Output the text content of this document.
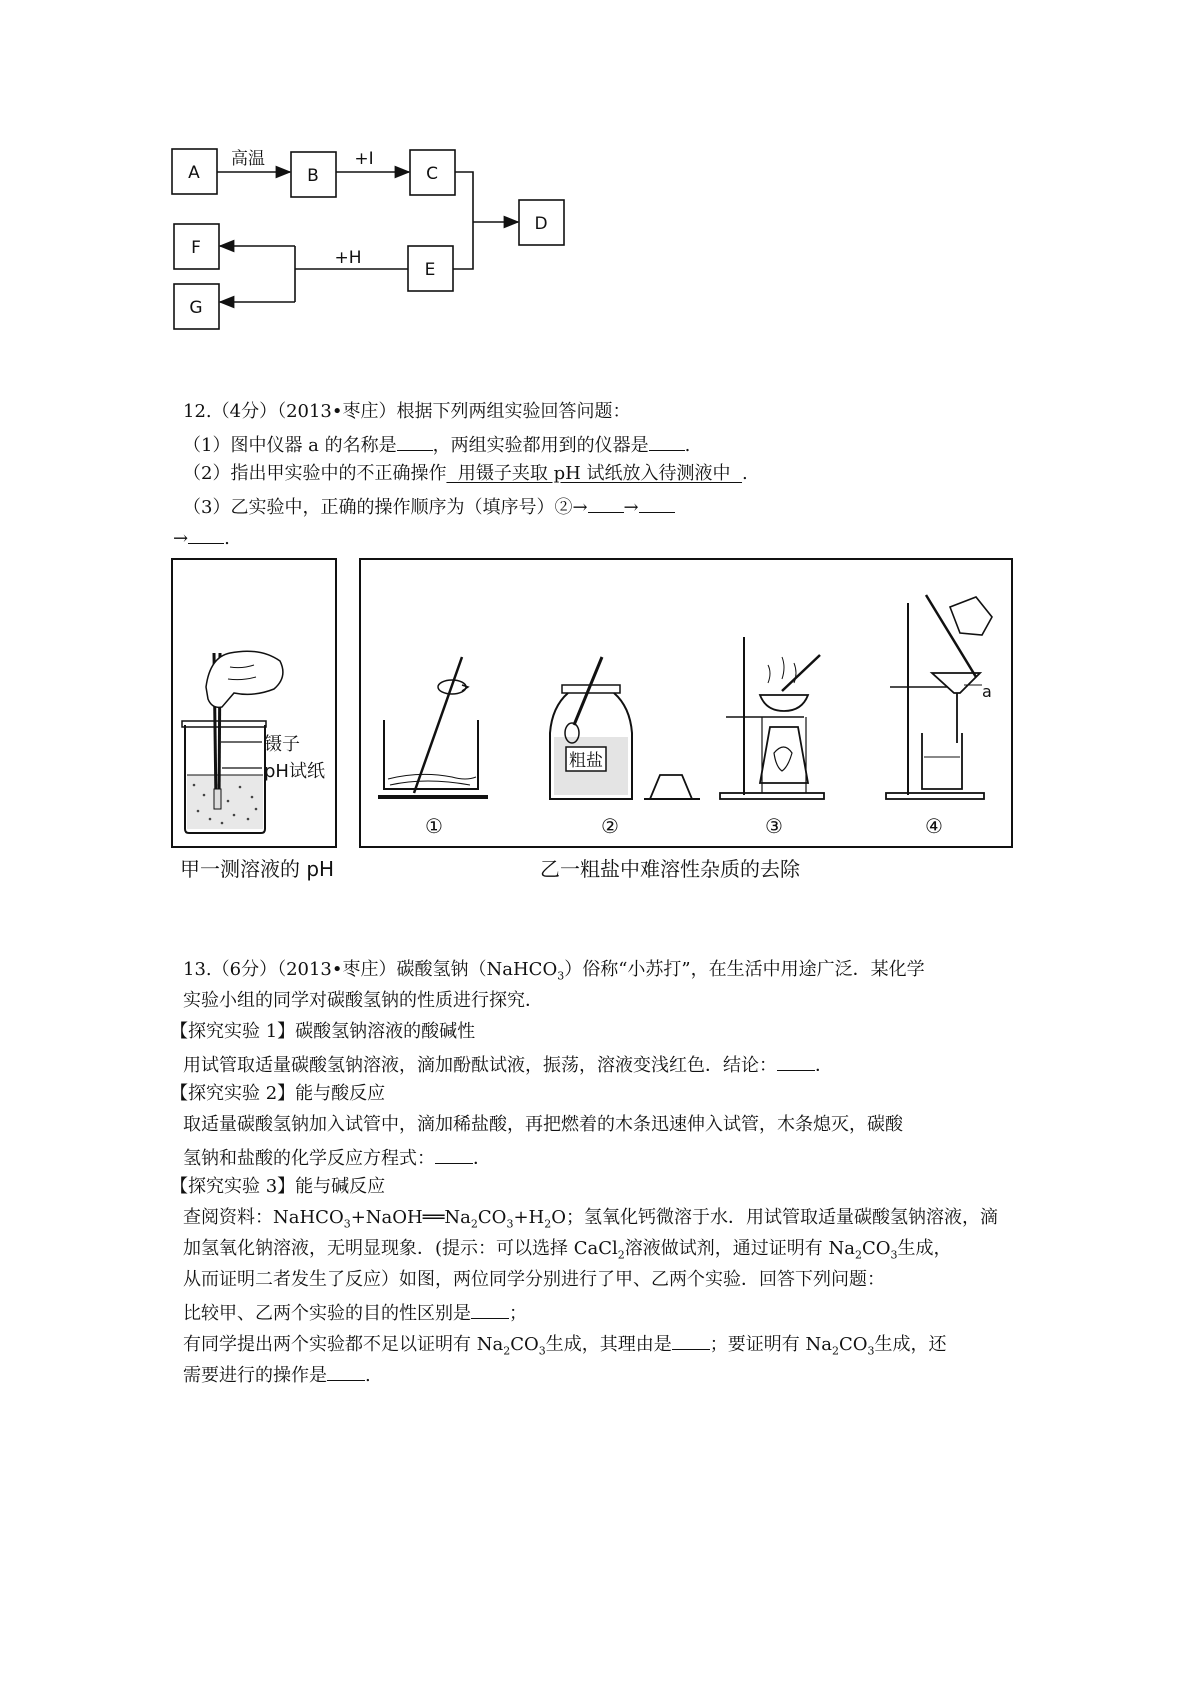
A	B	C
D
E
F
G
高温	+I
+H
12.（4分）（2013•枣庄）根据下列两组实验回答问题：
（1）图中仪器 a 的名称是 ，两组实验都用到的仪器是 .
（2）指出甲实验中的不正确操作  用镊子夹取 pH 试纸放入待测液中  .
（3）乙实验中，正确的操作顺序为（填序号）②→ →
→ .
镊子
pH试纸	粗盐
a
①	②	③	④
甲一测溶液的 pH	乙一粗盐中难溶性杂质的去除
13.（6分）（2013•枣庄）碳酸氢钠（NaHCO$_3$）俗称“小苏打”，在生活中用途广泛．某化学
实验小组的同学对碳酸氢钠的性质进行探究．
【探究实验 1】碳酸氢钠溶液的酸碱性
用试管取适量碳酸氢钠溶液，滴加酚酞试液，振荡，溶液变浅红色．结论： ．
【探究实验 2】能与酸反应
取适量碳酸氢钠加入试管中，滴加稀盐酸，再把燃着的木条迅速伸入试管，木条熄灭，碳酸
氢钠和盐酸的化学反应方程式： ．
【探究实验 3】能与碱反应
查阅资料：$NaHCO_3+NaOH══Na_2CO_3+H_2O$；氢氧化钙微溶于水．用试管取适量碳酸氢钠溶液，滴
加氢氧化钠溶液，无明显现象．(提示：可以选择 CaCl$_2$溶液做试剂，通过证明有 $Na_2CO_3$生成，
从而证明二者发生了反应）如图，两位同学分别进行了甲、乙两个实验．回答下列问题：
比较甲、乙两个实验的目的性区别是 ；
有同学提出两个实验都不足以证明有 $Na_2CO_3$生成，其理由是 ；要证明有 $Na_2CO_3$生成，还
需要进行的操作是 .
